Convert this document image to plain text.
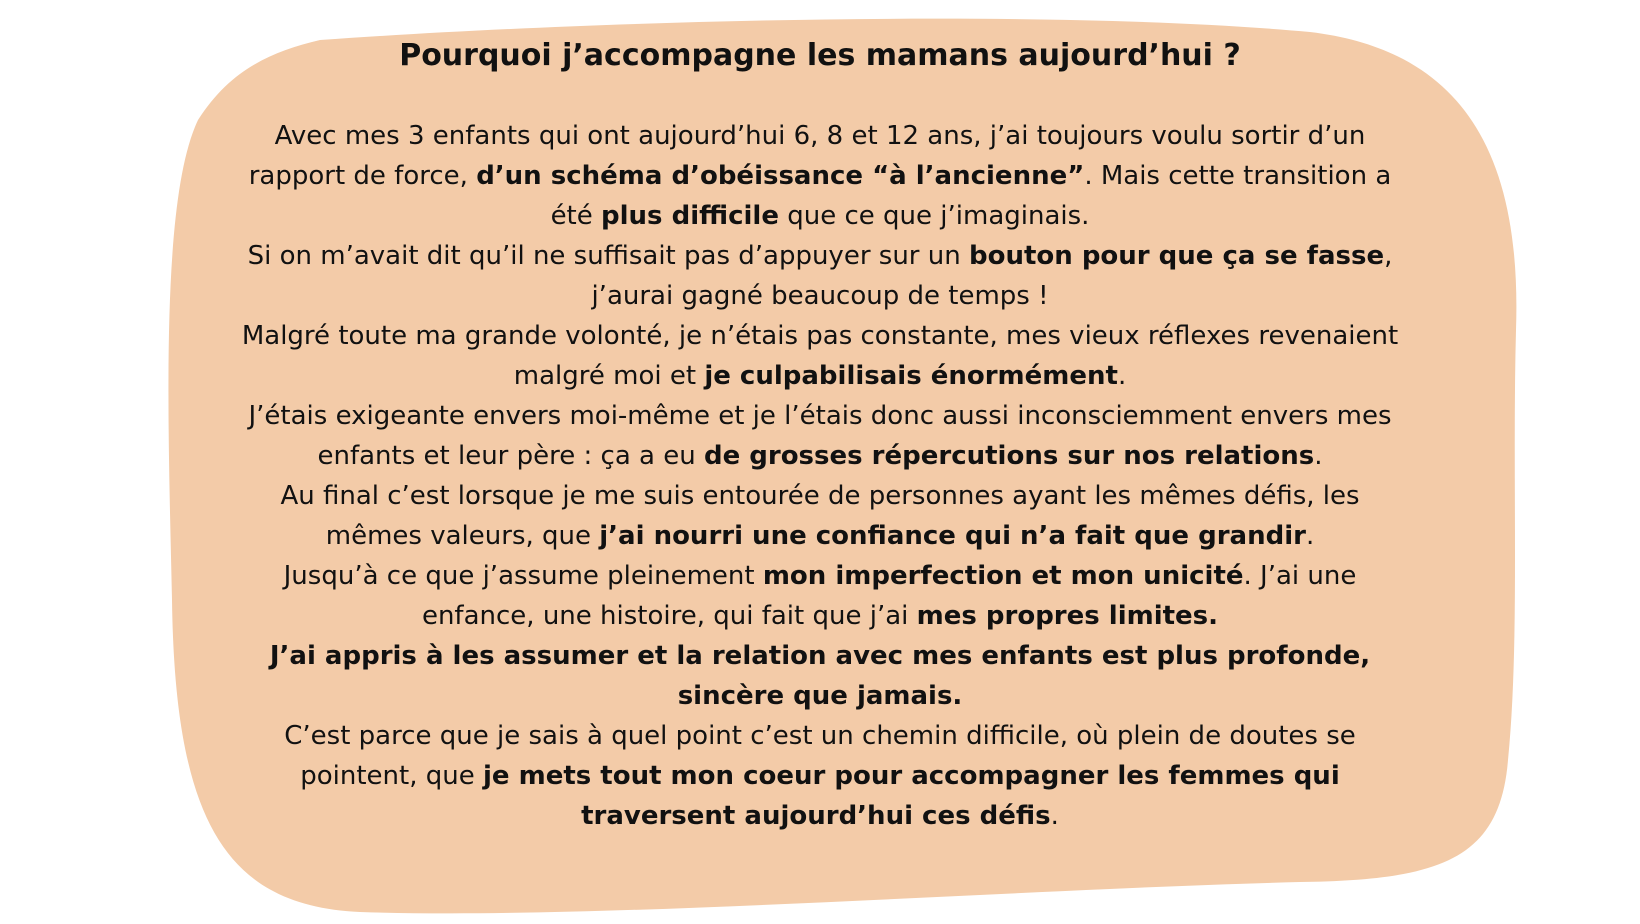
Pourquoi j’accompagne les mamans aujourd’hui ?
Avec mes 3 enfants qui ont aujourd’hui 6, 8 et 12 ans, j’ai toujours voulu sortir d’un rapport de force, d’un schéma d’obéissance “à l’ancienne”. Mais cette transition a été plus difficile que ce que j’imaginais.
Si on m’avait dit qu’il ne suffisait pas d’appuyer sur un bouton pour que ça se fasse, j’aurai gagné beaucoup de temps !
Malgré toute ma grande volonté, je n’étais pas constante, mes vieux réflexes revenaient malgré moi et je culpabilisais énormément.
J’étais exigeante envers moi-même et je l’étais donc aussi inconsciemment envers mes enfants et leur père : ça a eu de grosses répercutions sur nos relations.
Au final c’est lorsque je me suis entourée de personnes ayant les mêmes défis, les mêmes valeurs, que j’ai nourri une confiance qui n’a fait que grandir.
Jusqu’à ce que j’assume pleinement mon imperfection et mon unicité. J’ai une enfance, une histoire, qui fait que j’ai mes propres limites.
J’ai appris à les assumer et la relation avec mes enfants est plus profonde, sincère que jamais.
C’est parce que je sais à quel point c’est un chemin difficile, où plein de doutes se pointent, que je mets tout mon coeur pour accompagner les femmes qui traversent aujourd’hui ces défis.
